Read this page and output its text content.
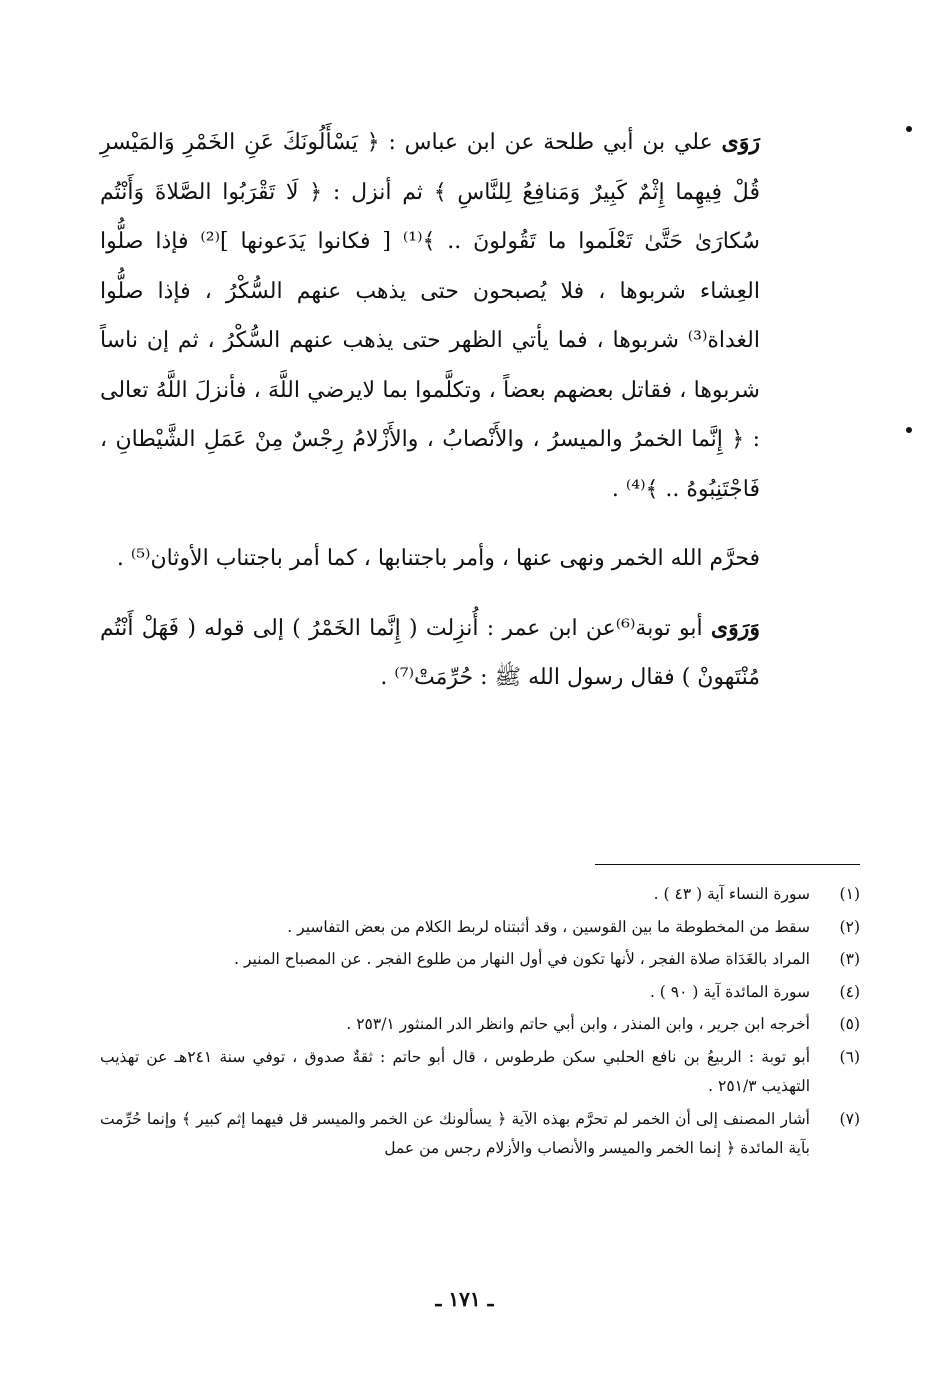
رَوَى علي بن أبي طلحة عن ابن عباس : ﴿ يَسْأَلُونَكَ عَنِ الخَمْرِ وَالمَيْسرِ قُلْ فِيهِما إِثْمٌ كَبِيرٌ وَمَنافِعُ لِلنَّاسِ ﴾ ثم أنزل : ﴿ لَا تَقْرَبُوا الصَّلاةَ وَأَنْتُم سُكارَىٰ حَتَّىٰ تَعْلَموا ما تَقُولونَ .. ﴾⁽¹⁾ [ فكانوا يَدَعونها ]⁽²⁾ فإذا صلُّوا العِشاء شربوها ، فلا يُصبحون حتى يذهب عنهم السُّكْرُ ، فإذا صلُّوا الغداة⁽³⁾ شربوها ، فما يأتي الظهر حتى يذهب عنهم السُّكْرُ ، ثم إن ناساً شربوها ، فقاتل بعضهم بعضاً ، وتكلَّموا بما لايرضي اللَّهَ ، فأنزلَ اللَّهُ تعالى : ﴿ إِنَّما الخمرُ والميسرُ ، والأَنْصابُ ، والأَزْلامُ رِجْسٌ مِنْ عَمَلِ الشَّيْطانِ ، فَاجْتَنِبُوهُ .. ﴾⁽⁴⁾ .

فحرَّم الله الخمر ونهى عنها ، وأمر باجتنابها ، كما أمر باجتناب الأوثان⁽⁵⁾ .

وَرَوَى أبو توبة⁽⁶⁾عن ابن عمر : أُنزِلت ( إِنَّما الخَمْرُ ) إلى قوله ( فَهَلْ أَنْتُم مُنْتَهونْ ) فقال رسول الله ﷺ : حُرِّمَتْ⁽⁷⁾ .

(١)
سورة النساء آية ( ٤٣ ) .
(٢)
سقط من المخطوطة ما بين القوسين ، وقد أثبتناه لربط الكلام من بعض التفاسير .
(٣)
المراد بالغَدَاة صلاة الفجر ، لأنها تكون في أول النهار من طلوع الفجر . عن المصباح المنير .
(٤)
سورة المائدة آية ( ٩٠ ) .
(٥)
أخرجه ابن جرير ، وابن المنذر ، وابن أبي حاتم وانظر الدر المنثور ٢٥٣/١ .
(٦)
أبو توبة : الربيعُ بن نافع الحلبي سكن طرطوس ، قال أبو حاتم : ثقةٌ صدوق ، توفي سنة ٢٤١هـ عن تهذيب التهذيب ٢٥١/٣ .
(٧)
أشار المصنف إلى أن الخمر لم تحرَّم بهذه الآية ﴿ يسألونك عن الخمر والميسر قل فيهما إثم كبير ﴾ وإنما حُرِّمت بآية المائدة ﴿ إنما الخمر والميسر والأنصاب والأزلام رجس من عمل
ـ ١٧١ ـ
